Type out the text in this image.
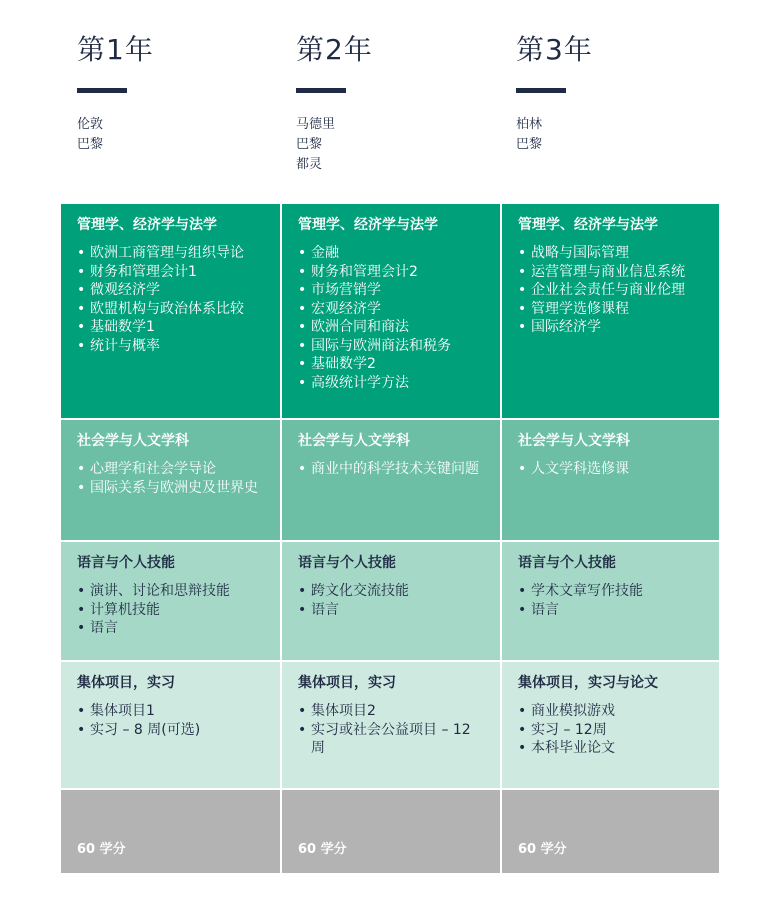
第1年
伦敦
巴黎
第2年
马德里
巴黎
都灵
第3年
柏林
巴黎
管理学、经济学与法学
• 欧洲工商管理与组织导论
• 财务和管理会计1
• 微观经济学
• 欧盟机构与政治体系比较
• 基础数学1
• 统计与概率
管理学、经济学与法学
• 金融
• 财务和管理会计2
• 市场营销学
• 宏观经济学
• 欧洲合同和商法
• 国际与欧洲商法和税务
• 基础数学2
• 高级统计学方法
管理学、经济学与法学
• 战略与国际管理
• 运营管理与商业信息系统
• 企业社会责任与商业伦理
• 管理学选修课程
• 国际经济学
社会学与人文学科
• 心理学和社会学导论
• 国际关系与欧洲史及世界史
社会学与人文学科
• 商业中的科学技术关键问题
社会学与人文学科
• 人文学科选修课
语言与个人技能
• 演讲、讨论和思辩技能
• 计算机技能
• 语言
语言与个人技能
• 跨文化交流技能
• 语言
语言与个人技能
• 学术文章写作技能
• 语言
集体项目，实习
• 集体项目1
• 实习 – 8 周(可选)
集体项目，实习
• 集体项目2
• 实习或社会公益项目 – 12 周
集体项目，实习与论文
• 商业模拟游戏
• 实习 – 12周
• 本科毕业论文
60 学分	60 学分	60 学分
